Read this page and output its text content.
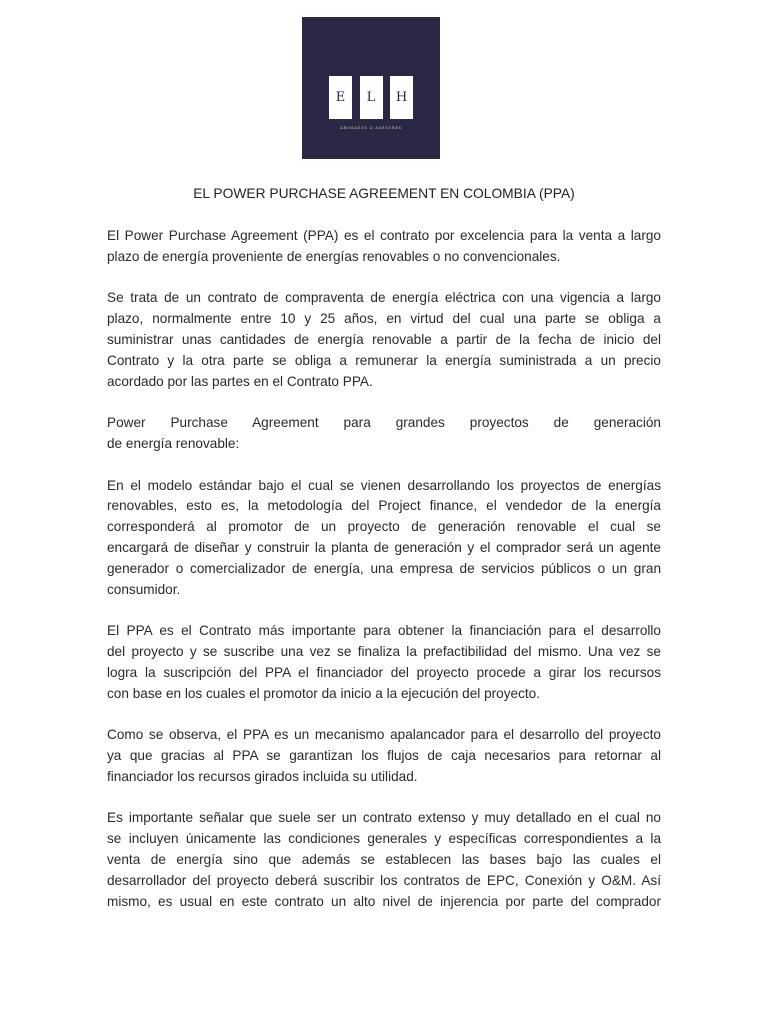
E	L	H
ABOGADOS & ASESORES
EL POWER PURCHASE AGREEMENT EN COLOMBIA (PPA)

El Power Purchase Agreement (PPA) es el contrato por excelencia para la venta a largo
plazo de energía proveniente de energías renovables o no convencionales.

Se trata de un contrato de compraventa de energía eléctrica con una vigencia a largo
plazo, normalmente entre 10 y 25 años, en virtud del cual una parte se obliga a
suministrar unas cantidades de energía renovable a partir de la fecha de inicio del
Contrato y la otra parte se obliga a remunerar la energía suministrada a un precio
acordado por las partes en el Contrato PPA.

Power Purchase Agreement para grandes proyectos de generación
de energía renovable:

En el modelo estándar bajo el cual se vienen desarrollando los proyectos de energías
renovables, esto es, la metodología del Project finance, el vendedor de la energía
corresponderá al promotor de un proyecto de generación renovable el cual se
encargará de diseñar y construir la planta de generación y el comprador será un agente
generador o comercializador de energía, una empresa de servicios públicos o un gran
consumidor.

El PPA es el Contrato más importante para obtener la financiación para el desarrollo
del proyecto y se suscribe una vez se finaliza la prefactibilidad del mismo. Una vez se
logra la suscripción del PPA el financiador del proyecto procede a girar los recursos
con base en los cuales el promotor da inicio a la ejecución del proyecto.

Como se observa, el PPA es un mecanismo apalancador para el desarrollo del proyecto
ya que gracias al PPA se garantizan los flujos de caja necesarios para retornar al
financiador los recursos girados incluida su utilidad.

Es importante señalar que suele ser un contrato extenso y muy detallado en el cual no
se incluyen únicamente las condiciones generales y específicas correspondientes a la
venta de energía sino que además se establecen las bases bajo las cuales el
desarrollador del proyecto deberá suscribir los contratos de EPC, Conexión y O&M. Así
mismo, es usual en este contrato un alto nivel de injerencia por parte del comprador
